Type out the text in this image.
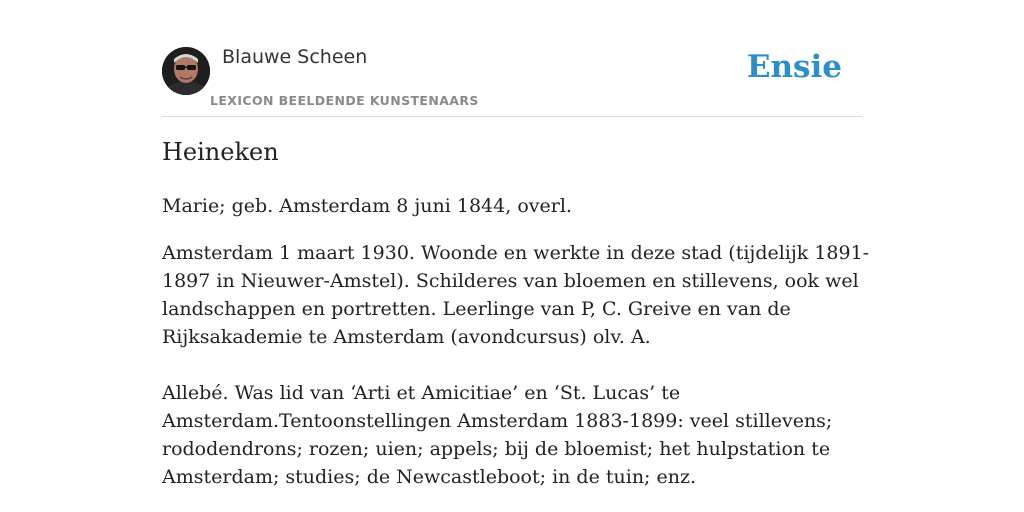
Blauwe Scheen
LEXICON BEELDENDE KUNSTENAARS
Ensie
Heineken

Marie; geb. Amsterdam 8 juni 1844, overl.

Amsterdam 1 maart 1930. Woonde en werkte in deze stad (tijdelijk 1891-1897 in Nieuwer-Amstel). Schilderes van bloemen en stillevens, ook wel landschappen en portretten. Leerlinge van P, C. Greive en van de Rijksakademie te Amsterdam (avondcursus) olv. A.

Allebé. Was lid van ‘Arti et Amicitiae’ en ‘St. Lucas’ te Amsterdam.Tentoonstellingen Amsterdam 1883-1899: veel stillevens; rododendrons; rozen; uien; appels; bij de bloemist; het hulpstation te Amsterdam; studies; de Newcastleboot; in de tuin; enz.
